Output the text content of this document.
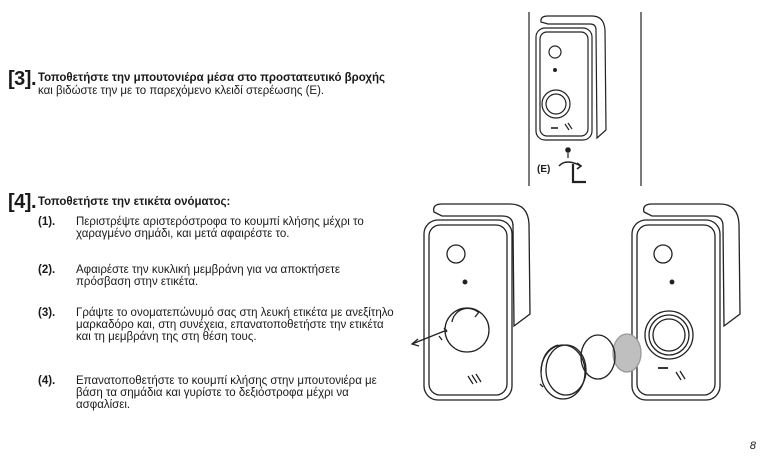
[3]. Τοποθετήστε την μπουτονιέρα μέσα στο προστατευτικό βροχής και βιδώστε την με το παρεχόμενο κλειδί στερέωσης (E).
[4]. Τοποθετήστε την ετικέτα ονόματος:
(1). Περιστρέψτε αριστερόστροφα το κουμπί κλήσης μέχρι το χαραγμένο σημάδι, και μετά αφαιρέστε το.
(2). Αφαιρέστε την κυκλική μεμβράνη για να αποκτήσετε πρόσβαση στην ετικέτα.
(3). Γράψτε το ονοματεπώνυμό σας στη λευκή ετικέτα με ανεξίτηλο μαρκαδόρο και, στη συνέχεια, επανατοποθετήστε την ετικέτα και τη μεμβράνη της στη θέση τους.
(4). Επανατοποθετήστε το κουμπί κλήσης στην μπουτονιέρα με βάση τα σημάδια και γυρίστε το δεξιόστροφα μέχρι να ασφαλίσει.
(E)
8
